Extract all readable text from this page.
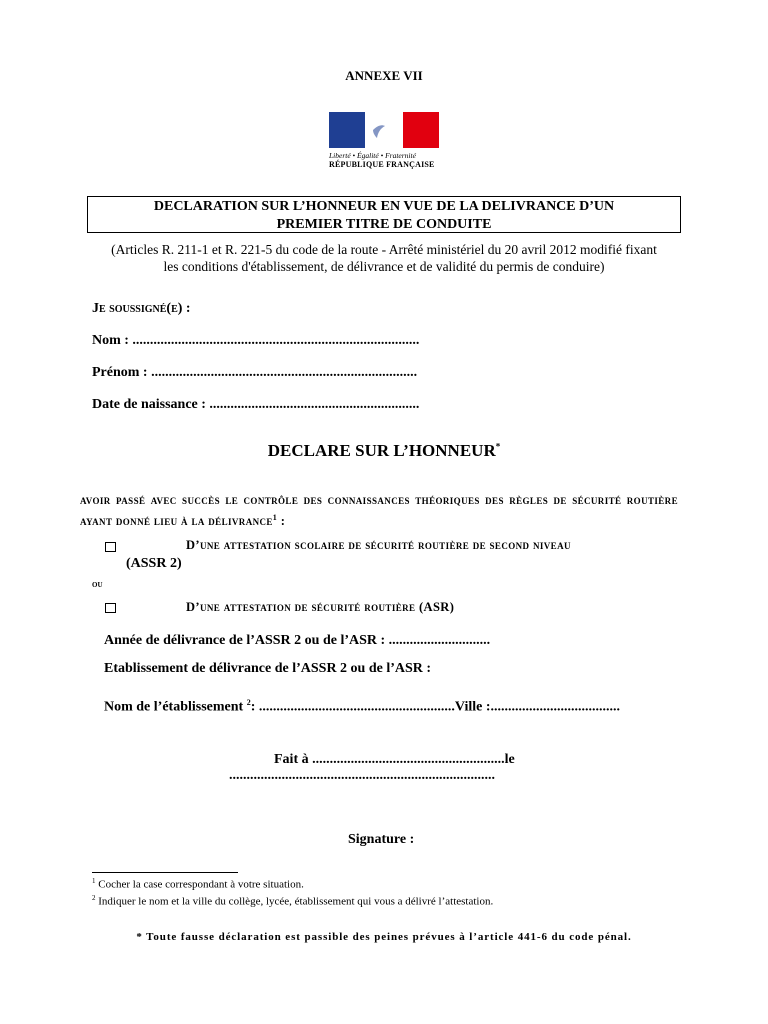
ANNEXE VII
Liberté • Égalité • Fraternité
RÉPUBLIQUE FRANÇAISE
DECLARATION SUR L’HONNEUR EN VUE DE LA DELIVRANCE D’UN
PREMIER TITRE DE CONDUITE
(Articles R. 211-1 et R. 221-5 du code de la route - Arrêté ministériel du 20 avril 2012 modifié fixant
les conditions d'établissement, de délivrance et de validité du permis de conduire)
Je soussigné(e) :
Nom : ..................................................................................
Prénom : ............................................................................
Date de naissance : ............................................................
DECLARE SUR L’HONNEUR*
avoir passé avec succès le contrôle des connaissances théoriques des règles de sécurité routière ayant donné lieu à la délivrance$^1$ :
D’une attestation scolaire de sécurité routière de second niveau
(ASSR 2)
ou
D’une attestation de sécurité routière (ASR)
Année de délivrance de l’ASSR 2 ou de l’ASR : .............................
Etablissement de délivrance de l’ASSR 2 ou de l’ASR :
Nom de l’établissement $^2$: ........................................................Ville :.....................................
Fait à .......................................................le
............................................................................
Signature :
$^1$ Cocher la case correspondant à votre situation.
$^2$ Indiquer le nom et la ville du collège, lycée, établissement qui vous a délivré l’attestation.
* Toute fausse déclaration est passible des peines prévues à l’article 441-6 du code pénal.
